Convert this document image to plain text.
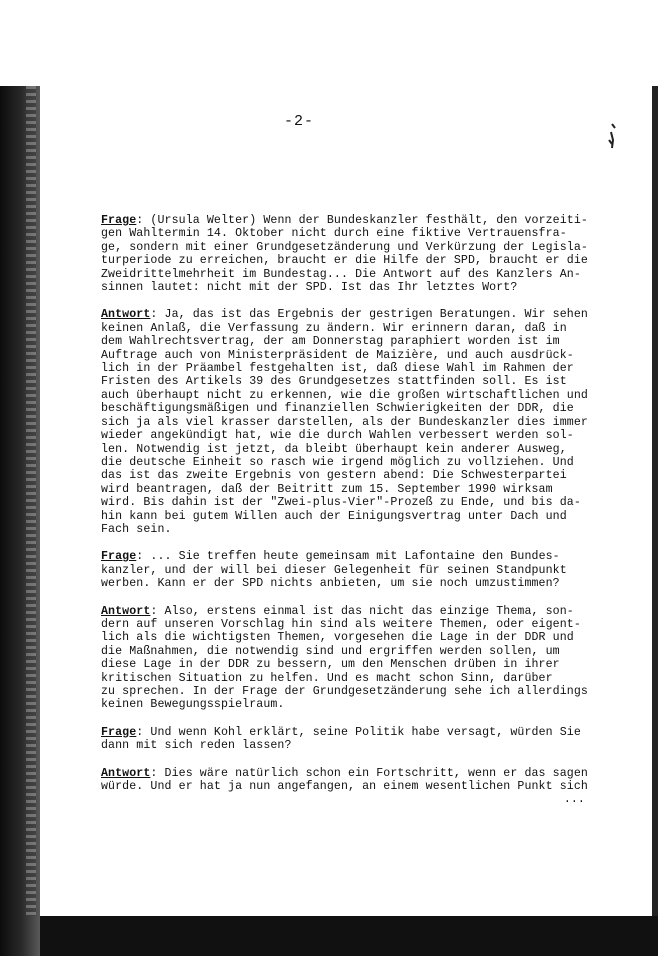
-2-

Frage: (Ursula Welter) Wenn der Bundeskanzler festhält, den vorzeiti-
gen Wahltermin 14. Oktober nicht durch eine fiktive Vertrauensfra-
ge, sondern mit einer Grundgesetzänderung und Verkürzung der Legisla-
turperiode zu erreichen, braucht er die Hilfe der SPD, braucht er die
Zweidrittelmehrheit im Bundestag... Die Antwort auf des Kanzlers An-
sinnen lautet: nicht mit der SPD. Ist das Ihr letztes Wort?

Antwort: Ja, das ist das Ergebnis der gestrigen Beratungen. Wir sehen
keinen Anlaß, die Verfassung zu ändern. Wir erinnern daran, daß in
dem Wahlrechtsvertrag, der am Donnerstag paraphiert worden ist im
Auftrage auch von Ministerpräsident de Maizière, und auch ausdrück-
lich in der Präambel festgehalten ist, daß diese Wahl im Rahmen der
Fristen des Artikels 39 des Grundgesetzes stattfinden soll. Es ist
auch überhaupt nicht zu erkennen, wie die großen wirtschaftlichen und
beschäftigungsmäßigen und finanziellen Schwierigkeiten der DDR, die
sich ja als viel krasser darstellen, als der Bundeskanzler dies immer
wieder angekündigt hat, wie die durch Wahlen verbessert werden sol-
len. Notwendig ist jetzt, da bleibt überhaupt kein anderer Ausweg,
die deutsche Einheit so rasch wie irgend möglich zu vollziehen. Und
das ist das zweite Ergebnis von gestern abend: Die Schwesterpartei
wird beantragen, daß der Beitritt zum 15. September 1990 wirksam
wird. Bis dahin ist der "Zwei-plus-Vier"-Prozeß zu Ende, und bis da-
hin kann bei gutem Willen auch der Einigungsvertrag unter Dach und
Fach sein.

Frage: ... Sie treffen heute gemeinsam mit Lafontaine den Bundes-
kanzler, und der will bei dieser Gelegenheit für seinen Standpunkt
werben. Kann er der SPD nichts anbieten, um sie noch umzustimmen?

Antwort: Also, erstens einmal ist das nicht das einzige Thema, son-
dern auf unseren Vorschlag hin sind als weitere Themen, oder eigent-
lich als die wichtigsten Themen, vorgesehen die Lage in der DDR und
die Maßnahmen, die notwendig sind und ergriffen werden sollen, um
diese Lage in der DDR zu bessern, um den Menschen drüben in ihrer
kritischen Situation zu helfen. Und es macht schon Sinn, darüber
zu sprechen. In der Frage der Grundgesetzänderung sehe ich allerdings
keinen Bewegungsspielraum.

Frage: Und wenn Kohl erklärt, seine Politik habe versagt, würden Sie
dann mit sich reden lassen?

Antwort: Dies wäre natürlich schon ein Fortschritt, wenn er das sagen
würde. Und er hat ja nun angefangen, an einem wesentlichen Punkt sich

...
